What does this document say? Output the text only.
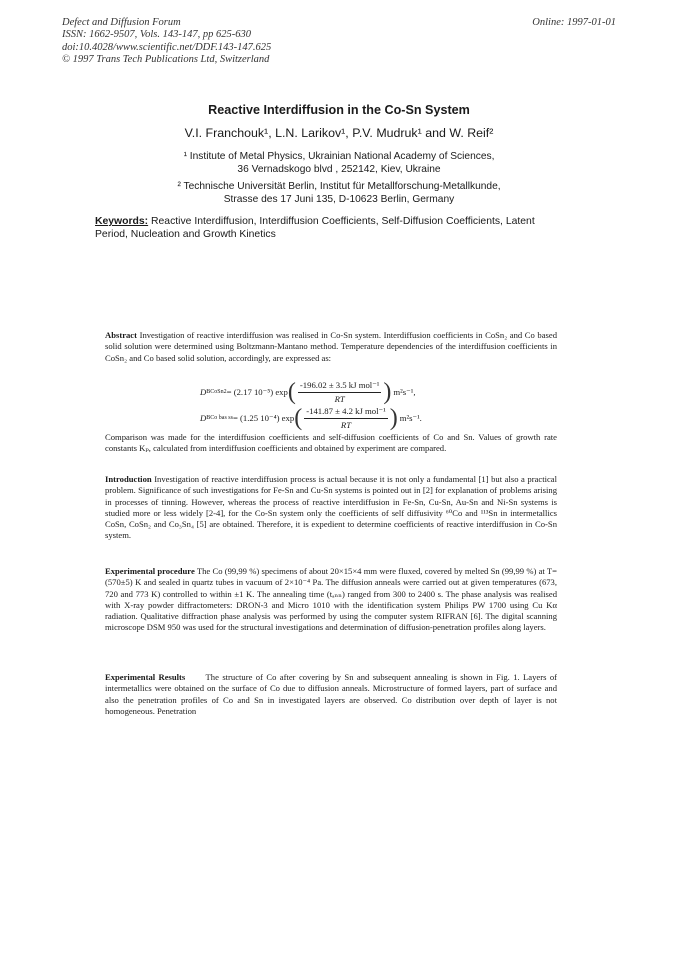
Defect and Diffusion Forum
ISSN: 1662-9507, Vols. 143-147, pp 625-630
doi:10.4028/www.scientific.net/DDF.143-147.625
© 1997 Trans Tech Publications Ltd, Switzerland
Online: 1997-01-01
Reactive Interdiffusion in the Co-Sn System
V.I. Franchouk¹, L.N. Larikov¹, P.V. Mudruk¹ and W. Reif²
¹ Institute of Metal Physics, Ukrainian National Academy of Sciences,
36 Vernadskogo blvd , 252142, Kiev, Ukraine
² Technische Universität Berlin, Institut für Metallforschung-Metallkunde,
Strasse des 17 Juni 135, D-10623 Berlin, Germany
Keywords: Reactive Interdiffusion, Interdiffusion Coefficients, Self-Diffusion Coefficients, Latent Period, Nucleation and Growth Kinetics
Abstract Investigation of reactive interdiffusion was realised in Co-Sn system. Interdiffusion coefficients in CoSn₂ and Co based solid solution were determined using Boltzmann-Mantano method. Temperature dependencies of the interdiffusion coefficients in CoSn₂ and Co based solid solution, accordingly, are expressed as:
D ВCoSn2 = (2.17 10⁻⁵) exp ( $\frac{\text{-196.02 ± 3.5 kJ mol⁻¹}}{RT}$ ) m²s⁻¹,
D ВCo bas ss = (1.25 10⁻⁴) exp ( $\frac{\text{-141.87 ± 4.2 kJ mol⁻¹}}{RT}$ ) m²s⁻¹.
Comparison was made for the interdiffusion coefficients and self-diffusion coefficients of Co and Sn. Values of growth rate constants Kₚ, calculated from interdiffusion coefficients and obtained by experiment are compared.
Introduction Investigation of reactive interdiffusion process is actual because it is not only a fundamental [1] but also a practical problem. Significance of such investigations for Fe-Sn and Cu-Sn systems is pointed out in [2] for explanation of problems arising in processes of tinning. However, whereas the process of reactive interdiffusion in Fe-Sn, Cu-Sn, Au-Sn and Ni-Sn systems is studied more or less widely [2-4], for the Co-Sn system only the coefficients of self diffusivity ⁶⁰Co and ¹¹³Sn in intermetallics CoSn, CoSn₂ and Co₃Sn₄ [5] are obtained. Therefore, it is expedient to determine coefficients of reactive interdiffusion in Co-Sn system.
Experimental procedure The Co (99,99 %) specimens of about 20×15×4 mm were fluxed, covered by melted Sn (99,99 %) at T=(570±5) K and sealed in quartz tubes in vacuum of 2×10⁻⁴ Pa. The diffusion anneals were carried out at given temperatures (673, 720 and 773 K) controlled to within ±1 K. The annealing time (tₐₙₙ) ranged from 300 to 2400 s. The phase analysis was realised with X-ray powder diffractometers: DRON-3 and Micro 1010 with the identification system Philips PW 1700 using Cu Kα radiation. Qualitative diffraction phase analysis was performed by using the computer system RIFRAN [6]. The digital scanning microscope DSM 950 was used for the structural investigations and determination of diffusion-penetration profiles along layers.
Experimental Results      The structure of Co after covering by Sn and subsequent annealing is shown in Fig. 1. Layers of intermetallics were obtained on the surface of Co due to diffusion anneals. Microstructure of formed layers, part of surface and also the penetration profiles of Co and Sn in investigated layers are observed. Co distribution over depth of layer is not homogeneous. Penetration
